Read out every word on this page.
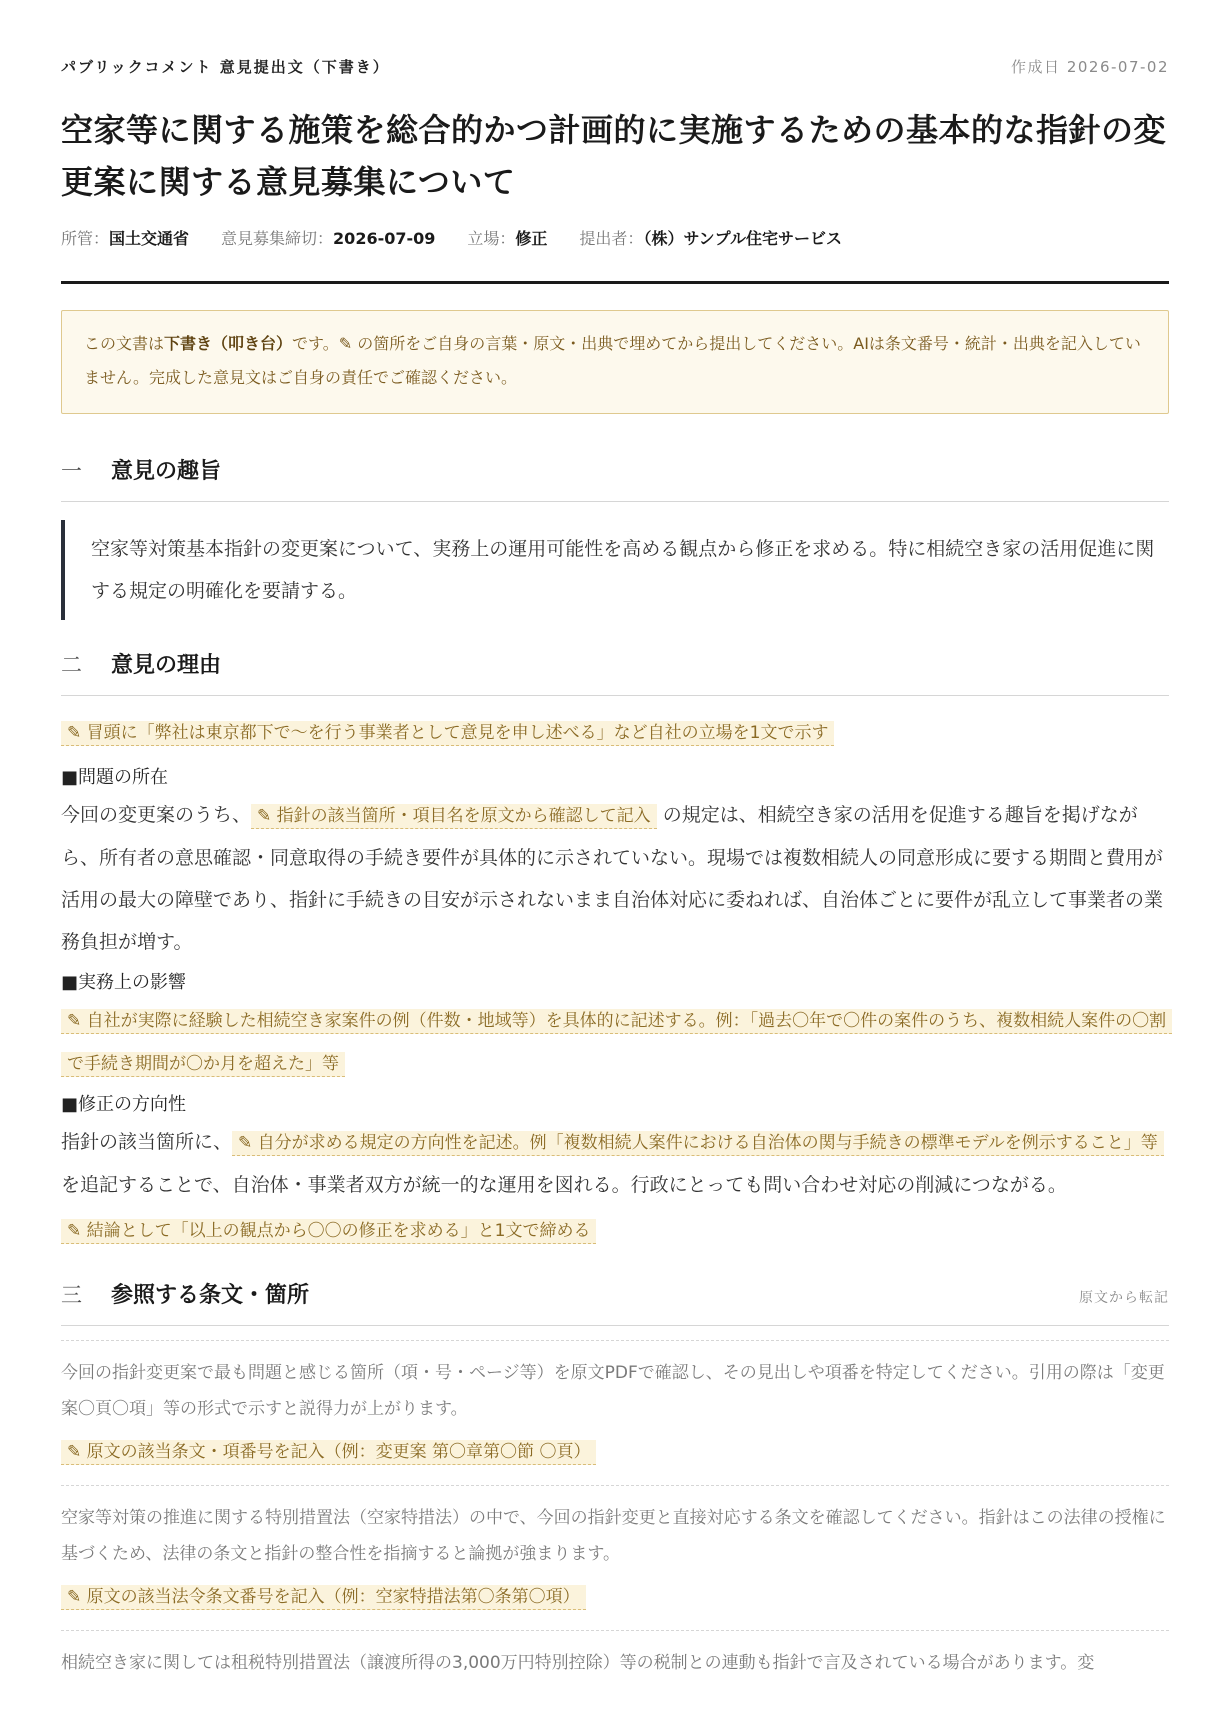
パブリックコメント 意見提出文（下書き）	作成日 2026-07-02
空家等に関する施策を総合的かつ計画的に実施するための基本的な指針の変更案に関する意見募集について
所管：国土交通省 意見募集締切：2026-07-09 立場：修正 提出者：（株）サンプル住宅サービス
この文書は下書き（叩き台）です。✎ の箇所をご自身の言葉・原文・出典で埋めてから提出してください。AIは条文番号・統計・出典を記入していません。完成した意見文はご自身の責任でご確認ください。
一	意見の趣旨
空家等対策基本指針の変更案について、実務上の運用可能性を高める観点から修正を求める。特に相続空き家の活用促進に関する規定の明確化を要請する。
二	意見の理由
✎ 冒頭に「弊社は東京都下で〜を行う事業者として意見を申し述べる」など自社の立場を1文で示す
■問題の所在
今回の変更案のうち、 ✎ 指針の該当箇所・項目名を原文から確認して記入 の規定は、相続空き家の活用を促進する趣旨を掲げながら、所有者の意思確認・同意取得の手続き要件が具体的に示されていない。現場では複数相続人の同意形成に要する期間と費用が活用の最大の障壁であり、指針に手続きの目安が示されないまま自治体対応に委ねれば、自治体ごとに要件が乱立して事業者の業務負担が増す。
■実務上の影響
✎ 自社が実際に経験した相続空き家案件の例（件数・地域等）を具体的に記述する。例：「過去〇年で〇件の案件のうち、複数相続人案件の〇割で手続き期間が〇か月を超えた」等
■修正の方向性
指針の該当箇所に、 ✎ 自分が求める規定の方向性を記述。例「複数相続人案件における自治体の関与手続きの標準モデルを例示すること」等 を追記することで、自治体・事業者双方が統一的な運用を図れる。行政にとっても問い合わせ対応の削減につながる。
✎ 結論として「以上の観点から〇〇の修正を求める」と1文で締める
三	参照する条文・箇所	原文から転記
今回の指針変更案で最も問題と感じる箇所（項・号・ページ等）を原文PDFで確認し、その見出しや項番を特定してください。引用の際は「変更案〇頁〇項」等の形式で示すと説得力が上がります。
✎ 原文の該当条文・項番号を記入（例：変更案 第〇章第〇節 〇頁）
空家等対策の推進に関する特別措置法（空家特措法）の中で、今回の指針変更と直接対応する条文を確認してください。指針はこの法律の授権に基づくため、法律の条文と指針の整合性を指摘すると論拠が強まります。
✎ 原文の該当法令条文番号を記入（例：空家特措法第〇条第〇項）
相続空き家に関しては租税特別措置法（譲渡所得の3,000万円特別控除）等の税制との連動も指針で言及されている場合があります。変
